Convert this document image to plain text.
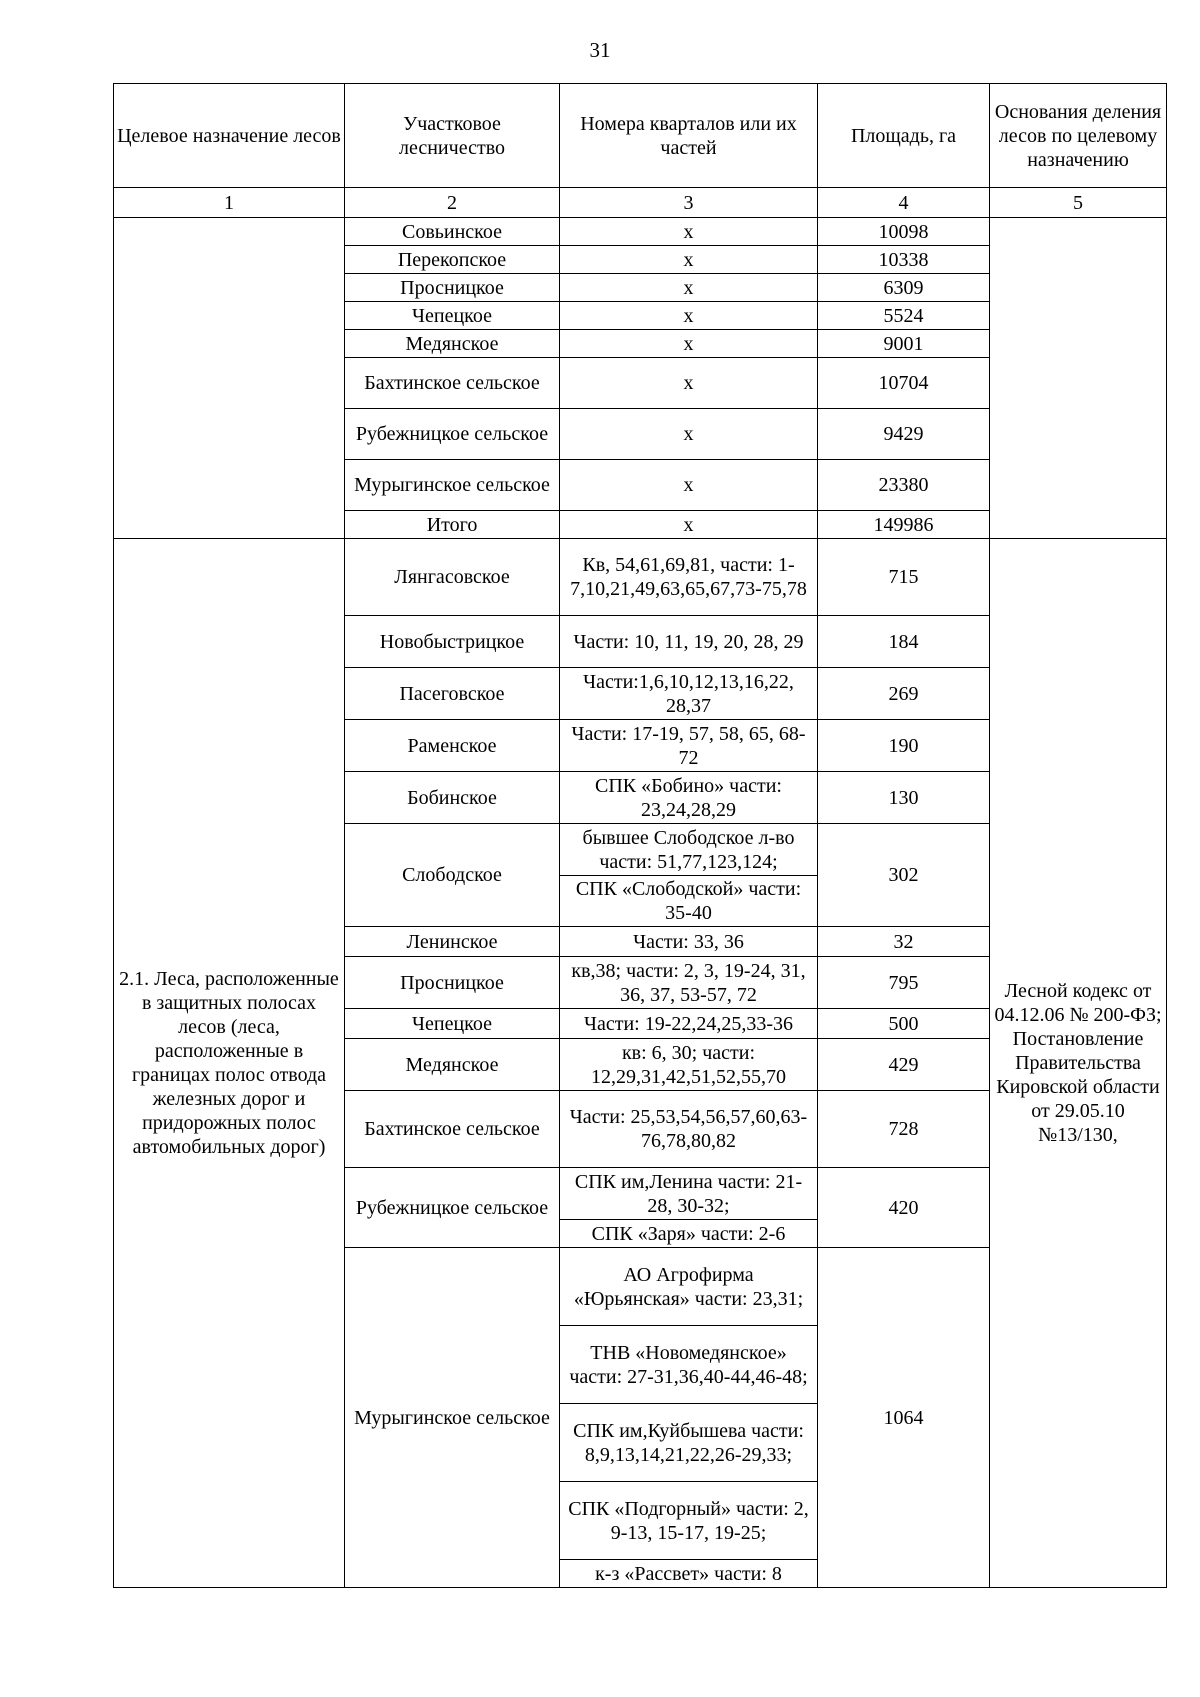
31
Целевое назначение лесов	Участковое лесничество	Номера кварталов или их частей	Площадь, га	Основания деления лесов по целевому назначению
1	2	3	4	5
	Совьинское	x	10098	
	Перекопское	x	10338	
	Просницкое	x	6309	
	Чепецкое	x	5524	
	Медянское	x	9001	
	Бахтинское сельское	x	10704	
	Рубежницкое сельское	x	9429	
	Мурыгинское сельское	x	23380	
	Итого	x	149986	
2.1. Леса, расположенные в защитных полосах лесов (леса, расположенные в границах полос отвода железных дорог и придорожных полос автомобильных дорог)	Лянгасовское	Кв, 54,61,69,81, части: 1-7,10,21,49,63,65,67,73-75,78	715	Лесной кодекс от 04.12.06 № 200-ФЗ; Постановление Правительства Кировской области от 29.05.10 №13/130,
	Новобыстрицкое	Части: 10, 11, 19, 20, 28, 29	184	
	Пасеговское	Части:1,6,10,12,13,16,22, 28,37	269	
	Раменское	Части: 17-19, 57, 58, 65, 68-72	190	
	Бобинское	СПК «Бобино» части: 23,24,28,29	130	
	Слободское	бывшее Слободское л-во части: 51,77,123,124;	302	
		СПК «Слободской» части: 35-40		
	Ленинское	Части: 33, 36	32	
	Просницкое	кв,38; части: 2, 3, 19-24, 31, 36, 37, 53-57, 72	795	
	Чепецкое	Части: 19-22,24,25,33-36	500	
	Медянское	кв: 6, 30; части: 12,29,31,42,51,52,55,70	429	
	Бахтинское сельское	Части: 25,53,54,56,57,60,63-76,78,80,82	728	
	Рубежницкое сельское	СПК им,Ленина части: 21-28, 30-32;	420	
		СПК «Заря» части: 2-6		
	Мурыгинское сельское	АО Агрофирма «Юрьянская» части: 23,31;	1064	
		ТНВ «Новомедянское» части: 27-31,36,40-44,46-48;		
		СПК им,Куйбышева части: 8,9,13,14,21,22,26-29,33;		
		СПК «Подгорный» части: 2, 9-13, 15-17, 19-25;		
		к-з «Рассвет» части: 8		
